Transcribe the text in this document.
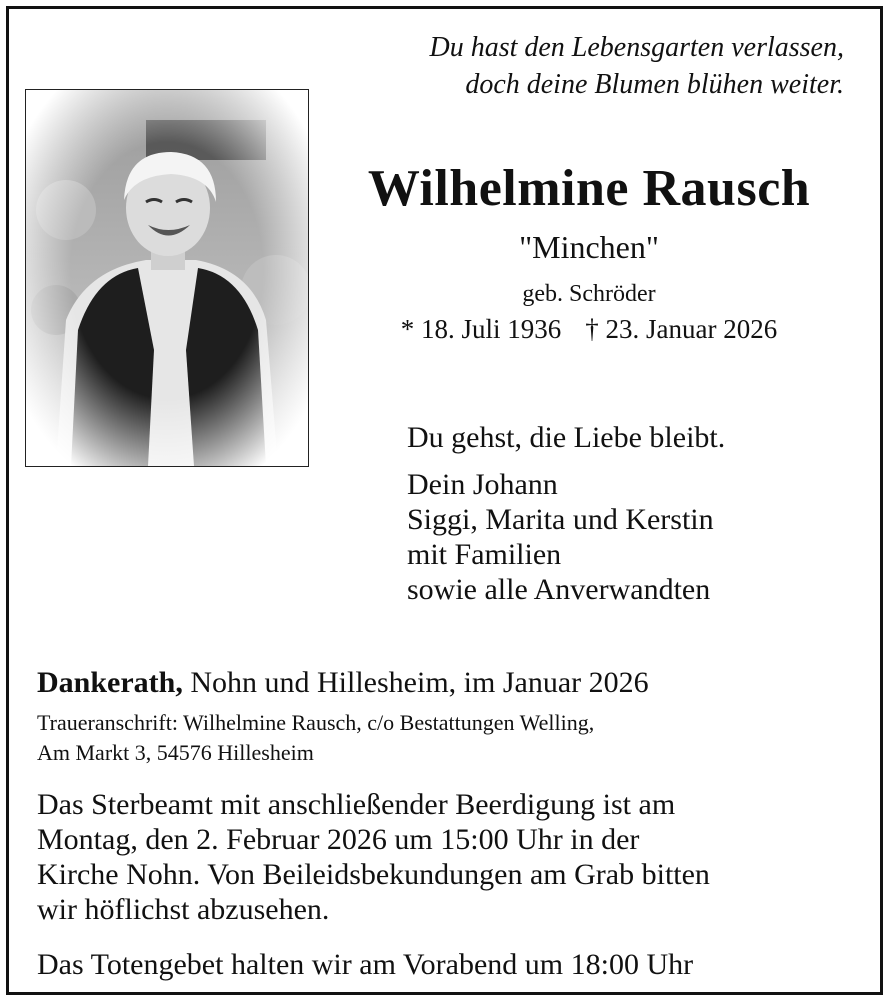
Du hast den Lebensgarten verlassen,
doch deine Blumen blühen weiter.
Wilhelmine Rausch
"Minchen"
geb. Schröder
* 18. Juli 1936 † 23. Januar 2026
Du gehst, die Liebe bleibt.
Dein Johann
Siggi, Marita und Kerstin
mit Familien
sowie alle Anverwandten
Dankerath, Nohn und Hillesheim, im Januar 2026
Traueranschrift: Wilhelmine Rausch, c/o Bestattungen Welling,
Am Markt 3, 54576 Hillesheim
Das Sterbeamt mit anschließender Beerdigung ist am
Montag, den 2. Februar 2026 um 15:00 Uhr in der
Kirche Nohn. Von Beileidsbekundungen am Grab bitten
wir höflichst abzusehen.
Das Totengebet halten wir am Vorabend um 18:00 Uhr
